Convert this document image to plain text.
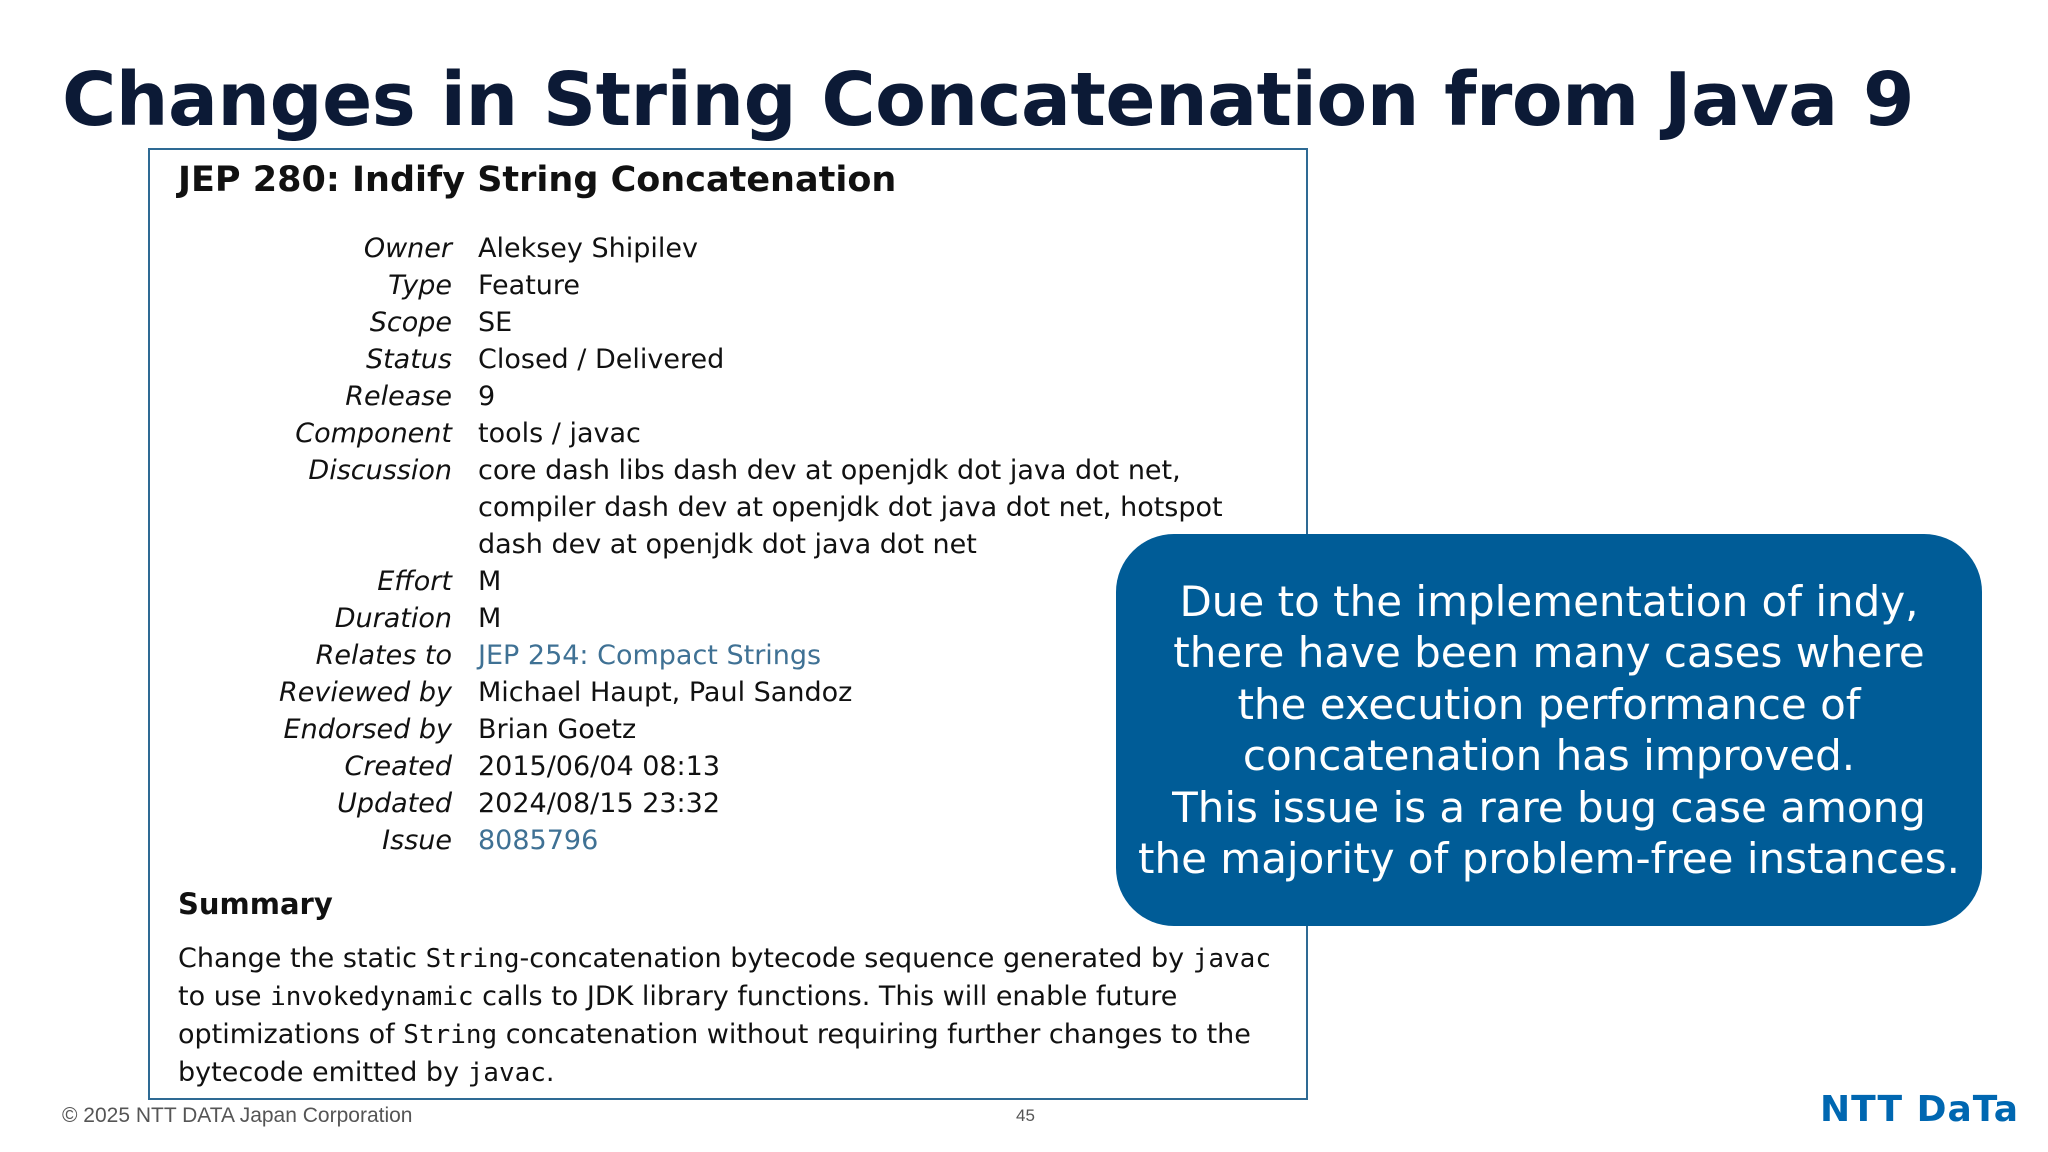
Changes in String Concatenation from Java 9
JEP 280: Indify String Concatenation
Owner	Aleksey Shipilev
Type	Feature
Scope	SE
Status	Closed / Delivered
Release	9
Component	tools / javac
Discussion	core dash libs dash dev at openjdk dot java dot net, compiler dash dev at openjdk dot java dot net, hotspot dash dev at openjdk dot java dot net
Effort	M
Duration	M
Relates to	JEP 254: Compact Strings
Reviewed by	Michael Haupt, Paul Sandoz
Endorsed by	Brian Goetz
Created	2015/06/04 08:13
Updated	2024/08/15 23:32
Issue	8085796
Summary

Change the static String-concatenation bytecode sequence generated by javac to use invokedynamic calls to JDK library functions. This will enable future optimizations of String concatenation without requiring further changes to the bytecode emitted by javac.

Due to the implementation of indy,
there have been many cases where
the execution performance of
concatenation has improved.
This issue is a rare bug case among
the majority of problem-free instances.
© 2025 NTT DATA Japan Corporation	45	NTT DaTa
